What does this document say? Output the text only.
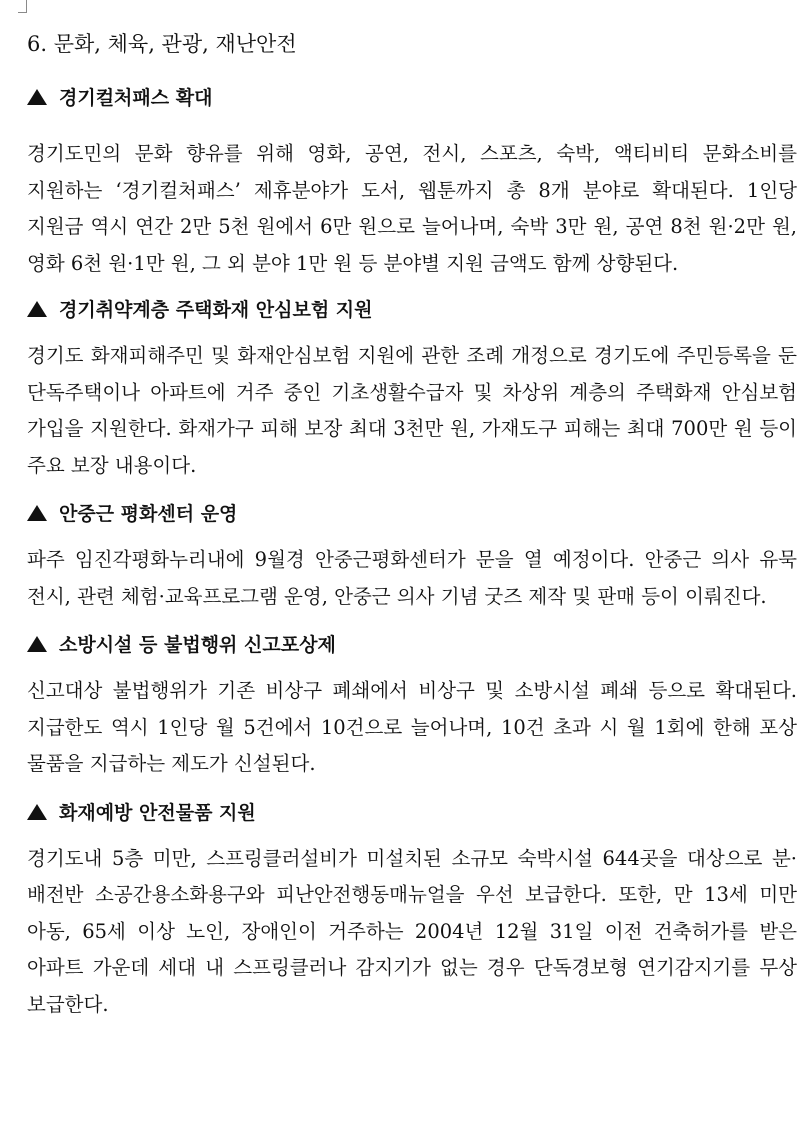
6. 문화, 체육, 관광, 재난안전
경기컬처패스 확대

경기도민의 문화 향유를 위해 영화, 공연, 전시, 스포츠, 숙박, 액티비티 문화소비를 지원하는 ‘경기컬처패스’ 제휴분야가 도서, 웹툰까지 총 8개 분야로 확대된다. 1인당 지원금 역시 연간 2만 5천 원에서 6만 원으로 늘어나며, 숙박 3만 원, 공연 8천 원·2만 원, 영화 6천 원·1만 원, 그 외 분야 1만 원 등 분야별 지원 금액도 함께 상향된다.

경기취약계층 주택화재 안심보험 지원

경기도 화재피해주민 및 화재안심보험 지원에 관한 조례 개정으로 경기도에 주민등록을 둔 단독주택이나 아파트에 거주 중인 기초생활수급자 및 차상위 계층의 주택화재 안심보험 가입을 지원한다. 화재가구 피해 보장 최대 3천만 원, 가재도구 피해는 최대 700만 원 등이 주요 보장 내용이다.

안중근 평화센터 운영

파주 임진각평화누리내에 9월경 안중근평화센터가 문을 열 예정이다. 안중근 의사 유묵 전시, 관련 체험·교육프로그램 운영, 안중근 의사 기념 굿즈 제작 및 판매 등이 이뤄진다.

소방시설 등 불법행위 신고포상제

신고대상 불법행위가 기존 비상구 폐쇄에서 비상구 및 소방시설 폐쇄 등으로 확대된다. 지급한도 역시 1인당 월 5건에서 10건으로 늘어나며, 10건 초과 시 월 1회에 한해 포상 물품을 지급하는 제도가 신설된다.

화재예방 안전물품 지원

경기도내 5층 미만, 스프링클러설비가 미설치된 소규모 숙박시설 644곳을 대상으로 분·배전반 소공간용소화용구와 피난안전행동매뉴얼을 우선 보급한다. 또한, 만 13세 미만 아동, 65세 이상 노인, 장애인이 거주하는 2004년 12월 31일 이전 건축허가를 받은 아파트 가운데 세대 내 스프링클러나 감지기가 없는 경우 단독경보형 연기감지기를 무상 보급한다.
